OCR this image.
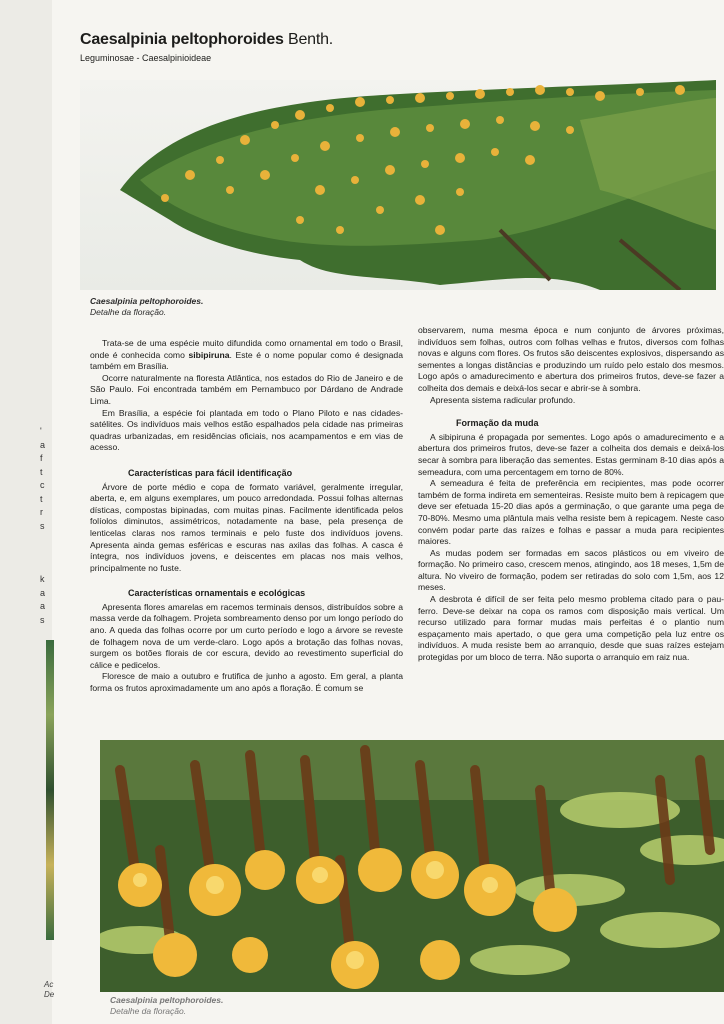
'
a
f
t
c
t
r
s
k
a
a
s
Ac
De
Caesalpinia peltophoroides Benth.
Leguminosae - Caesalpinioideae
Caesalpinia peltophoroides.
Detalhe da floração.

Trata-se de uma espécie muito difundida como ornamental em todo o Brasil, onde é conhecida como sibipiruna. Este é o nome popular como é designada também em Brasília.

Ocorre naturalmente na floresta Atlântica, nos estados do Rio de Janeiro e de São Paulo. Foi encontrada também em Pernambuco por Dárdano de Andrade Lima.

Em Brasília, a espécie foi plantada em todo o Plano Piloto e nas cidades-satélites. Os indivíduos mais velhos estão espalhados pela cidade nas primeiras quadras urbanizadas, em residências oficiais, nos acampamentos e em vias de acesso.

Características para fácil identificação

Árvore de porte médio e copa de formato variável, geralmente irregular, aberta, e, em alguns exemplares, um pouco arredondada. Possui folhas alternas dísticas, compostas bipinadas, com muitas pinas. Facilmente identificada pelos folíolos diminutos, assimétricos, notadamente na base, pela presença de lenticelas claras nos ramos terminais e pelo fuste dos indivíduos jovens. Apresenta ainda gemas esféricas e escuras nas axilas das folhas. A casca é íntegra, nos indivíduos jovens, e deiscentes em placas nos mais velhos, principalmente no fuste.

Características ornamentais e ecológicas

Apresenta flores amarelas em racemos terminais densos, distribuídos sobre a massa verde da folhagem. Projeta sombreamento denso por um longo período do ano. A queda das folhas ocorre por um curto período e logo a árvore se reveste de folhagem nova de um verde-claro. Logo após a brotação das folhas novas, surgem os botões florais de cor escura, devido ao revestimento superficial do cálice e pedicelos.

Floresce de maio a outubro e frutifica de junho a agosto. Em geral, a planta forma os frutos aproximadamente um ano após a floração. É comum se

observarem, numa mesma época e num conjunto de árvores próximas, indivíduos sem folhas, outros com folhas velhas e frutos, diversos com folhas novas e alguns com flores. Os frutos são deiscentes explosivos, dispersando as sementes a longas distâncias e produzindo um ruído pelo estalo dos mesmos. Logo após o amadurecimento e abertura dos primeiros frutos, deve-se fazer a colheita dos demais e deixá-los secar e abrir-se à sombra.

Apresenta sistema radicular profundo.

Formação da muda

A sibipiruna é propagada por sementes. Logo após o amadurecimento e a abertura dos primeiros frutos, deve-se fazer a colheita dos demais e deixá-los secar à sombra para liberação das sementes. Estas germinam 8-10 dias após a semeadura, com uma percentagem em torno de 80%.

A semeadura é feita de preferência em recipientes, mas pode ocorrer também de forma indireta em sementeiras. Resiste muito bem à repicagem que deve ser efetuada 15-20 dias após a germinação, o que garante uma pega de 70-80%. Mesmo uma plântula mais velha resiste bem à repicagem. Neste caso convém podar parte das raízes e folhas e passar a muda para recipientes maiores.

As mudas podem ser formadas em sacos plásticos ou em viveiro de formação. No primeiro caso, crescem menos, atingindo, aos 18 meses, 1,5m de altura. No viveiro de formação, podem ser retiradas do solo com 1,5m, aos 12 meses.

A desbrota é difícil de ser feita pelo mesmo problema citado para o pau-ferro. Deve-se deixar na copa os ramos com disposição mais vertical. Um recurso utilizado para formar mudas mais perfeitas é o plantio num espaçamento mais apertado, o que gera uma competição pela luz entre os indivíduos. A muda resiste bem ao arranquio, desde que suas raízes estejam protegidas por um bloco de terra. Não suporta o arranquio em raiz nua.

Caesalpinia peltophoroides.
Detalhe da floração.
